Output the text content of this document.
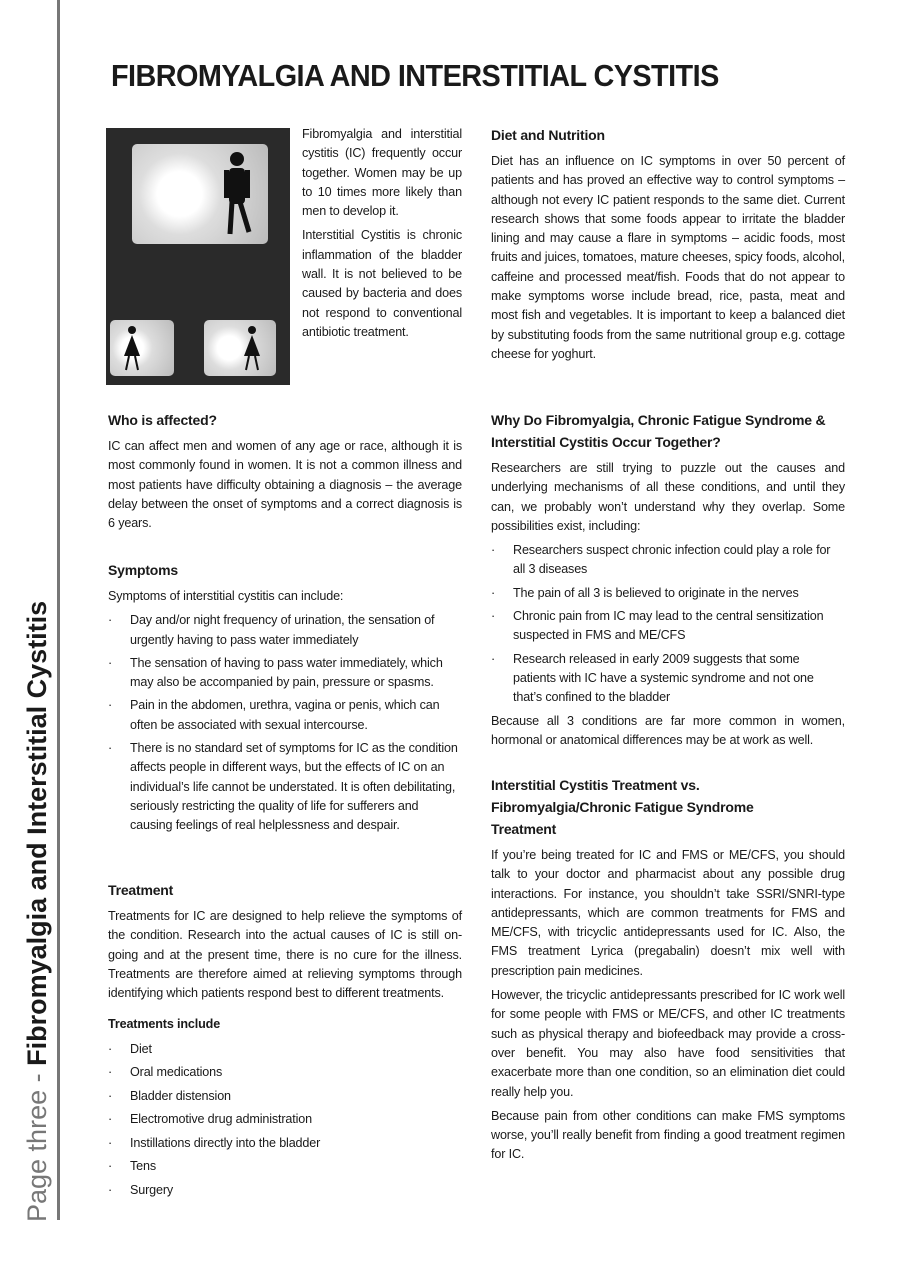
Page three - Fibromyalgia and Interstitial Cystitis
FIBROMYALGIA AND INTERSTITIAL CYSTITIS

Fibromyalgia and interstitial cystitis (IC) frequently occur together. Women may be up to 10 times more likely than men to develop it.

Interstitial Cystitis is chronic inflammation of the bladder wall. It is not believed to be caused by bacteria and does not respond to conventional antibiotic treatment.

Who is affected?

IC can affect men and women of any age or race, although it is most commonly found in women. It is not a common illness and most patients have difficulty obtaining a diagnosis – the average delay between the onset of symptoms and a correct diagnosis is 6 years.

Symptoms

Symptoms of interstitial cystitis can include:

· Day and/or night frequency of urination, the sensation of urgently having to pass water immediately
· The sensation of having to pass water immediately, which may also be accompanied by pain, pressure or spasms.
· Pain in the abdomen, urethra, vagina or penis, which can often be associated with sexual intercourse.
· There is no standard set of symptoms for IC as the condition affects people in different ways, but the effects of IC on an individual’s life cannot be understated. It is often debilitating, seriously restricting the quality of life for sufferers and causing feelings of real helplessness and despair.
Treatment

Treatments for IC are designed to help relieve the symptoms of the condition. Research into the actual causes of IC is still on-going and at the present time, there is no cure for the illness. Treatments are therefore aimed at relieving symptoms through identifying which patients respond best to different treatments.

Treatments include
· Diet
· Oral medications
· Bladder distension
· Electromotive drug administration
· Instillations directly into the bladder
· Tens
· Surgery
Diet and Nutrition

Diet has an influence on IC symptoms in over 50 percent of patients and has proved an effective way to control symptoms – although not every IC patient responds to the same diet. Current research shows that some foods appear to irritate the bladder lining and may cause a flare in symptoms – acidic foods, most fruits and juices, tomatoes, mature cheeses, spicy foods, alcohol, caffeine and processed meat/fish. Foods that do not appear to make symptoms worse include bread, rice, pasta, meat and most fish and vegetables. It is important to keep a balanced diet by substituting foods from the same nutritional group e.g. cottage cheese for yoghurt.

Why Do Fibromyalgia, Chronic Fatigue Syndrome & Interstitial Cystitis Occur Together?

Researchers are still trying to puzzle out the causes and underlying mechanisms of all these conditions, and until they can, we probably won’t understand why they overlap. Some possibilities exist, including:

· Researchers suspect chronic infection could play a role for all 3 diseases
· The pain of all 3 is believed to originate in the nerves
· Chronic pain from IC may lead to the central sensitization suspected in FMS and ME/CFS
· Research released in early 2009 suggests that some patients with IC have a systemic syndrome and not one that’s confined to the bladder

Because all 3 conditions are far more common in women, hormonal or anatomical differences may be at work as well.

Interstitial Cystitis Treatment vs. Fibromyalgia/Chronic Fatigue Syndrome Treatment

If you’re being treated for IC and FMS or ME/CFS, you should talk to your doctor and pharmacist about any possible drug interactions. For instance, you shouldn’t take SSRI/SNRI-type antidepressants, which are common treatments for FMS and ME/CFS, with tricyclic antidepressants used for IC. Also, the FMS treatment Lyrica (pregabalin) doesn’t mix well with prescription pain medicines.

However, the tricyclic antidepressants prescribed for IC work well for some people with FMS or ME/CFS, and other IC treatments such as physical therapy and biofeedback may provide a cross-over benefit. You may also have food sensitivities that exacerbate more than one condition, so an elimination diet could really help you.

Because pain from other conditions can make FMS symptoms worse, you’ll really benefit from finding a good treatment regimen for IC.
